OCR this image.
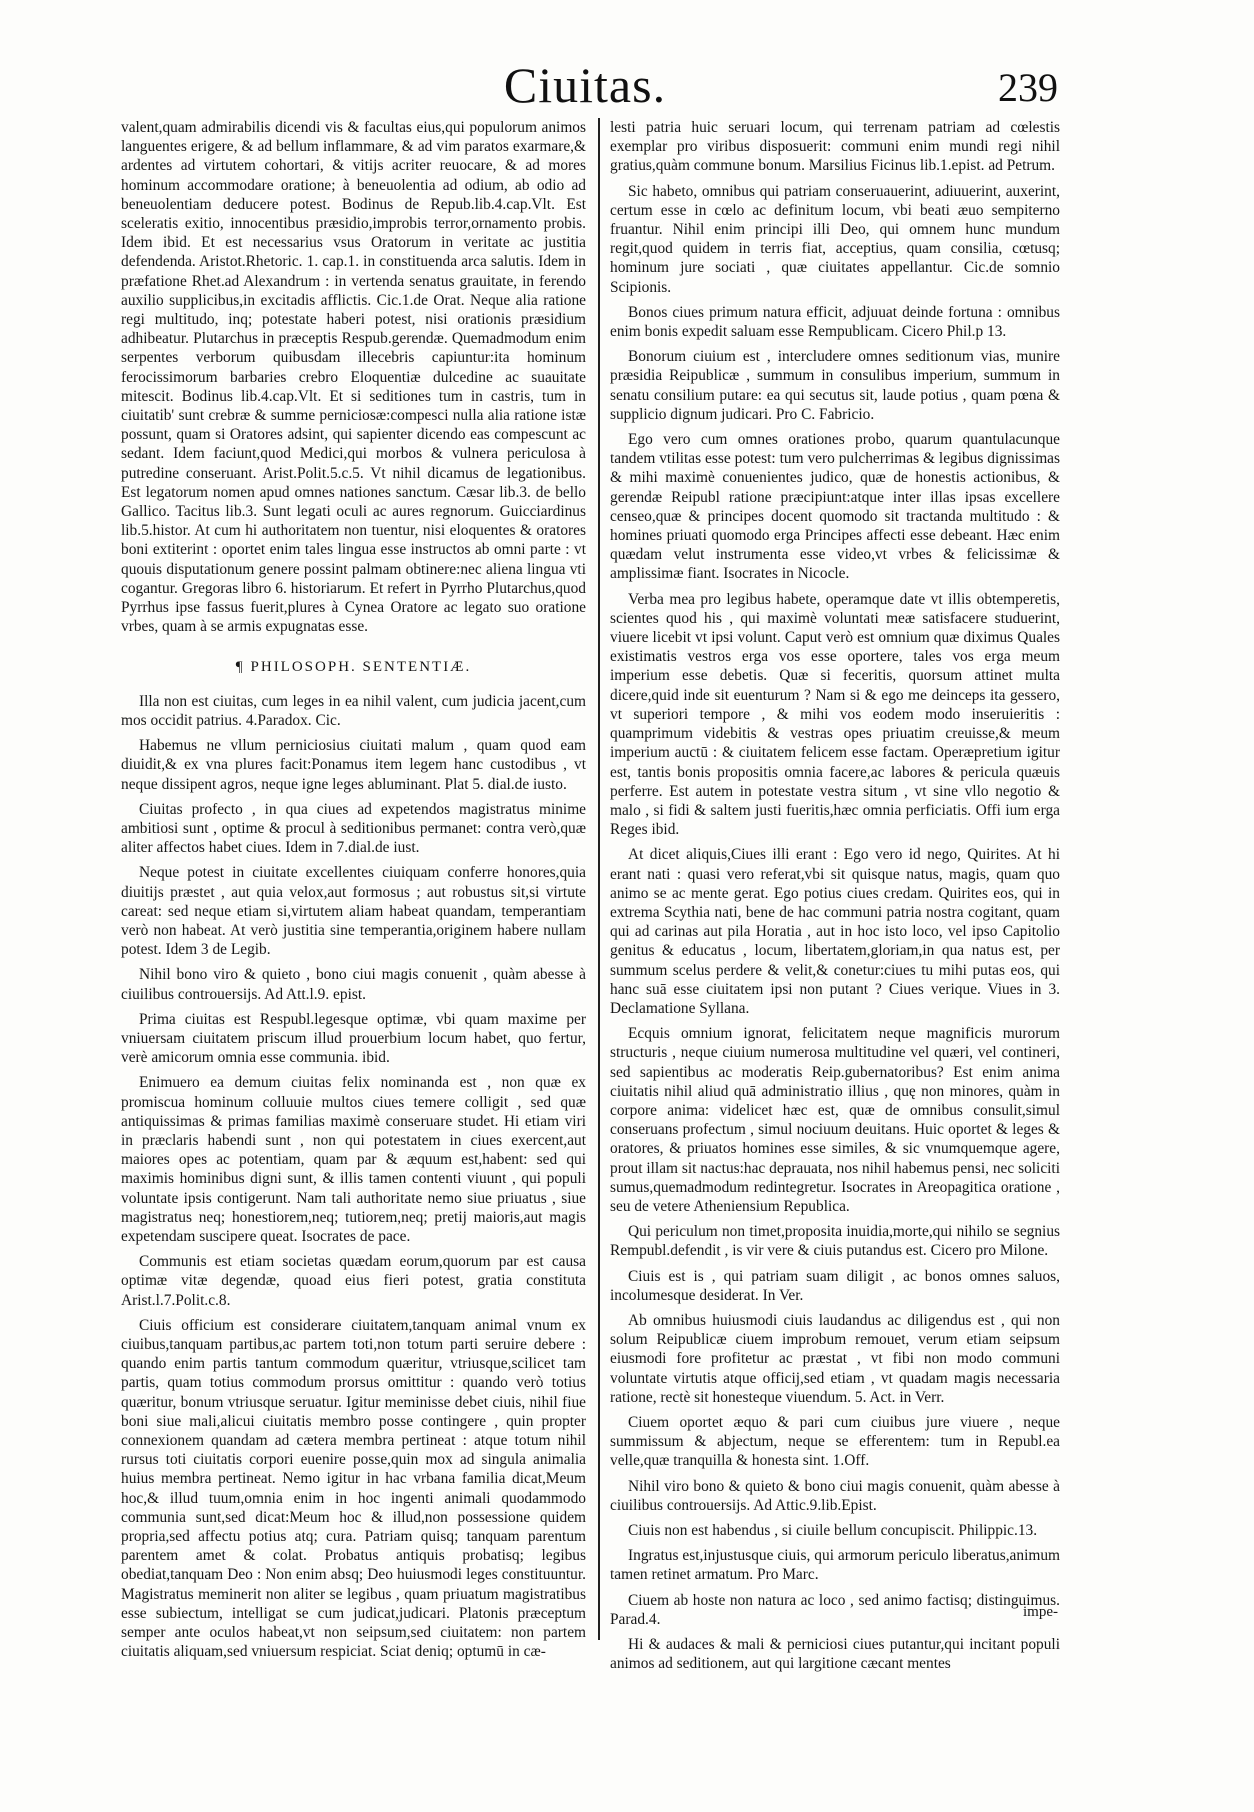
Ciuitas.	239

valent,quam admirabilis dicendi vis & facultas eius,qui populorum animos languentes erigere, & ad bellum inflammare, & ad vim paratos exarmare,& ardentes ad virtutem cohortari, & vitijs acriter reuocare, & ad mores hominum accommodare oratione; à beneuolentia ad odium, ab odio ad beneuolentiam deducere potest. Bodinus de Repub.lib.4.cap.Vlt. Est sceleratis exitio, innocentibus præsidio,improbis terror,ornamento probis. Idem ibid. Et est necessarius vsus Oratorum in veritate ac justitia defendenda. Aristot.Rhetoric. 1. cap.1. in constituenda arca salutis. Idem in præfatione Rhet.ad Alexandrum : in vertenda senatus grauitate, in ferendo auxilio supplicibus,in excitadis afflictis. Cic.1.de Orat. Neque alia ratione regi multitudo, inq; potestate haberi potest, nisi orationis præsidium adhibeatur. Plutarchus in præceptis Respub.gerendæ. Quemadmodum enim serpentes verborum quibusdam illecebris capiuntur:ita hominum ferocissimorum barbaries crebro Eloquentiæ dulcedine ac suauitate mitescit. Bodinus lib.4.cap.Vlt. Et si seditiones tum in castris, tum in ciuitatib' sunt crebræ & summe perniciosæ:compesci nulla alia ratione istæ possunt, quam si Oratores adsint, qui sapienter dicendo eas compescunt ac sedant. Idem faciunt,quod Medici,qui morbos & vulnera periculosa à putredine conseruant. Arist.Polit.5.c.5. Vt nihil dicamus de legationibus. Est legatorum nomen apud omnes nationes sanctum. Cæsar lib.3. de bello Gallico. Tacitus lib.3. Sunt legati oculi ac aures regnorum. Guicciardinus lib.5.histor. At cum hi authoritatem non tuentur, nisi eloquentes & oratores boni extiterint : oportet enim tales lingua esse instructos ab omni parte : vt quouis disputationum genere possint palmam obtinere:nec aliena lingua vti cogantur. Gregoras libro 6. historiarum. Et refert in Pyrrho Plutarchus,quod Pyrrhus ipse fassus fuerit,plures à Cynea Oratore ac legato suo oratione vrbes, quam à se armis expugnatas esse.

¶ PHILOSOPH. SENTENTIÆ.

Illa non est ciuitas, cum leges in ea nihil valent, cum judicia jacent,cum mos occidit patrius. 4.Paradox. Cic.

Habemus ne vllum perniciosius ciuitati malum , quam quod eam diuidit,& ex vna plures facit:Ponamus item legem hanc custodibus , vt neque dissipent agros, neque igne leges abluminant. Plat 5. dial.de iusto.

Ciuitas profecto , in qua ciues ad expetendos magistratus minime ambitiosi sunt , optime & procul à seditionibus permanet: contra verò,quæ aliter affectos habet ciues. Idem in 7.dial.de iust.

Neque potest in ciuitate excellentes ciuiquam conferre honores,quia diuitijs præstet , aut quia velox,aut formosus ; aut robustus sit,si virtute careat: sed neque etiam si,virtutem aliam habeat quandam, temperantiam verò non habeat. At verò justitia sine temperantia,originem habere nullam potest. Idem 3 de Legib.

Nihil bono viro & quieto , bono ciui magis conuenit , quàm abesse à ciuilibus controuersijs. Ad Att.l.9. epist.

Prima ciuitas est Respubl.legesque optimæ, vbi quam maxime per vniuersam ciuitatem priscum illud prouerbium locum habet, quo fertur, verè amicorum omnia esse communia. ibid.

Enimuero ea demum ciuitas felix nominanda est , non quæ ex promiscua hominum colluuie multos ciues temere colligit , sed quæ antiquissimas & primas familias maximè conseruare studet. Hi etiam viri in præclaris habendi sunt , non qui potestatem in ciues exercent,aut maiores opes ac potentiam, quam par & æquum est,habent: sed qui maximis hominibus digni sunt, & illis tamen contenti viuunt , qui populi voluntate ipsis contigerunt. Nam tali authoritate nemo siue priuatus , siue magistratus neq; honestiorem,neq; tutiorem,neq; pretij maioris,aut magis expetendam suscipere queat. Isocrates de pace.

Communis est etiam societas quædam eorum,quorum par est causa optimæ vitæ degendæ, quoad eius fieri potest, gratia constituta Arist.l.7.Polit.c.8.

Ciuis officium est considerare ciuitatem,tanquam animal vnum ex ciuibus,tanquam partibus,ac partem toti,non totum parti seruire debere : quando enim partis tantum commodum quæritur, vtriusque,scilicet tam partis, quam totius commodum prorsus omittitur : quando verò totius quæritur, bonum vtriusque seruatur. Igitur meminisse debet ciuis, nihil fiue boni siue mali,alicui ciuitatis membro posse contingere , quin propter connexionem quandam ad cætera membra pertineat : atque totum nihil rursus toti ciuitatis corpori euenire posse,quin mox ad singula animalia huius membra pertineat. Nemo igitur in hac vrbana familia dicat,Meum hoc,& illud tuum,omnia enim in hoc ingenti animali quodammodo communia sunt,sed dicat:Meum hoc & illud,non possessione quidem propria,sed affectu potius atq; cura. Patriam quisq; tanquam parentum parentem amet & colat. Probatus antiquis probatisq; legibus obediat,tanquam Deo : Non enim absq; Deo huiusmodi leges constituuntur. Magistratus meminerit non aliter se legibus , quam priuatum magistratibus esse subiectum, intelligat se cum judicat,judicari. Platonis præceptum semper ante oculos habeat,vt non seipsum,sed ciuitatem: non partem ciuitatis aliquam,sed vniuersum respiciat. Sciat deniq; optumū in cæ-

lesti patria huic seruari locum, qui terrenam patriam ad cœlestis exemplar pro viribus disposuerit: communi enim mundi regi nihil gratius,quàm commune bonum. Marsilius Ficinus lib.1.epist. ad Petrum.

Sic habeto, omnibus qui patriam conseruauerint, adiuuerint, auxerint, certum esse in cœlo ac definitum locum, vbi beati æuo sempiterno fruantur. Nihil enim principi illi Deo, qui omnem hunc mundum regit,quod quidem in terris fiat, acceptius, quam consilia, cœtusq; hominum jure sociati , quæ ciuitates appellantur. Cic.de somnio Scipionis.

Bonos ciues primum natura efficit, adjuuat deinde fortuna : omnibus enim bonis expedit saluam esse Rempublicam. Cicero Phil.p 13.

Bonorum ciuium est , intercludere omnes seditionum vias, munire præsidia Reipublicæ , summum in consulibus imperium, summum in senatu consilium putare: ea qui secutus sit, laude potius , quam pœna & supplicio dignum judicari. Pro C. Fabricio.

Ego vero cum omnes orationes probo, quarum quantulacunque tandem vtilitas esse potest: tum vero pulcherrimas & legibus dignissimas & mihi maximè conuenientes judico, quæ de honestis actionibus, & gerendæ Reipubl ratione præcipiunt:atque inter illas ipsas excellere censeo,quæ & principes docent quomodo sit tractanda multitudo : & homines priuati quomodo erga Principes affecti esse debeant. Hæc enim quædam velut instrumenta esse video,vt vrbes & felicissimæ & amplissimæ fiant. Isocrates in Nicocle.

Verba mea pro legibus habete, operamque date vt illis obtemperetis, scientes quod his , qui maximè voluntati meæ satisfacere studuerint, viuere licebit vt ipsi volunt. Caput verò est omnium quæ diximus Quales existimatis vestros erga vos esse oportere, tales vos erga meum imperium esse debetis. Quæ si feceritis, quorsum attinet multa dicere,quid inde sit euenturum ? Nam si & ego me deinceps ita gessero, vt superiori tempore , & mihi vos eodem modo inseruieritis : quamprimum videbitis & vestras opes priuatim creuisse,& meum imperium auctū : & ciuitatem felicem esse factam. Operæpretium igitur est, tantis bonis propositis omnia facere,ac labores & pericula quæuis perferre. Est autem in potestate vestra situm , vt sine vllo negotio & malo , si fidi & saltem justi fueritis,hæc omnia perficiatis. Offi ium erga Reges ibid.

At dicet aliquis,Ciues illi erant : Ego vero id nego, Quirites. At hi erant nati : quasi vero referat,vbi sit quisque natus, magis, quam quo animo se ac mente gerat. Ego potius ciues credam. Quirites eos, qui in extrema Scythia nati, bene de hac communi patria nostra cogitant, quam qui ad carinas aut pila Horatia , aut in hoc isto loco, vel ipso Capitolio genitus & educatus , locum, libertatem,gloriam,in qua natus est, per summum scelus perdere & velit,& conetur:ciues tu mihi putas eos, qui hanc suā esse ciuitatem ipsi non putant ? Ciues verique. Viues in 3. Declamatione Syllana.

Ecquis omnium ignorat, felicitatem neque magnificis murorum structuris , neque ciuium numerosa multitudine vel quæri, vel contineri, sed sapientibus ac moderatis Reip.gubernatoribus? Est enim anima ciuitatis nihil aliud quā administratio illius , quę non minores, quàm in corpore anima: videlicet hæc est, quæ de omnibus consulit,simul conseruans profectum , simul nociuum deuitans. Huic oportet & leges & oratores, & priuatos homines esse similes, & sic vnumquemque agere, prout illam sit nactus:hac deprauata, nos nihil habemus pensi, nec soliciti sumus,quemadmodum redintegretur. Isocrates in Areopagitica oratione , seu de vetere Atheniensium Republica.

Qui periculum non timet,proposita inuidia,morte,qui nihilo se segnius Rempubl.defendit , is vir vere & ciuis putandus est. Cicero pro Milone.

Ciuis est is , qui patriam suam diligit , ac bonos omnes saluos, incolumesque desiderat. In Ver.

Ab omnibus huiusmodi ciuis laudandus ac diligendus est , qui non solum Reipublicæ ciuem improbum remouet, verum etiam seipsum eiusmodi fore profitetur ac præstat , vt fibi non modo communi voluntate virtutis atque officij,sed etiam , vt quadam magis necessaria ratione, rectè sit honesteque viuendum. 5. Act. in Verr.

Ciuem oportet æquo & pari cum ciuibus jure viuere , neque summissum & abjectum, neque se efferentem: tum in Republ.ea velle,quæ tranquilla & honesta sint. 1.Off.

Nihil viro bono & quieto & bono ciui magis conuenit, quàm abesse à ciuilibus controuersijs. Ad Attic.9.lib.Epist.

Ciuis non est habendus , si ciuile bellum concupiscit. Philippic.13.

Ingratus est,injustusque ciuis, qui armorum periculo liberatus,animum tamen retinet armatum. Pro Marc.

Ciuem ab hoste non natura ac loco , sed animo factisq; distinguimus. Parad.4.

Hi & audaces & mali & perniciosi ciues putantur,qui incitant populi animos ad seditionem, aut qui largitione cæcant mentes

impe-
